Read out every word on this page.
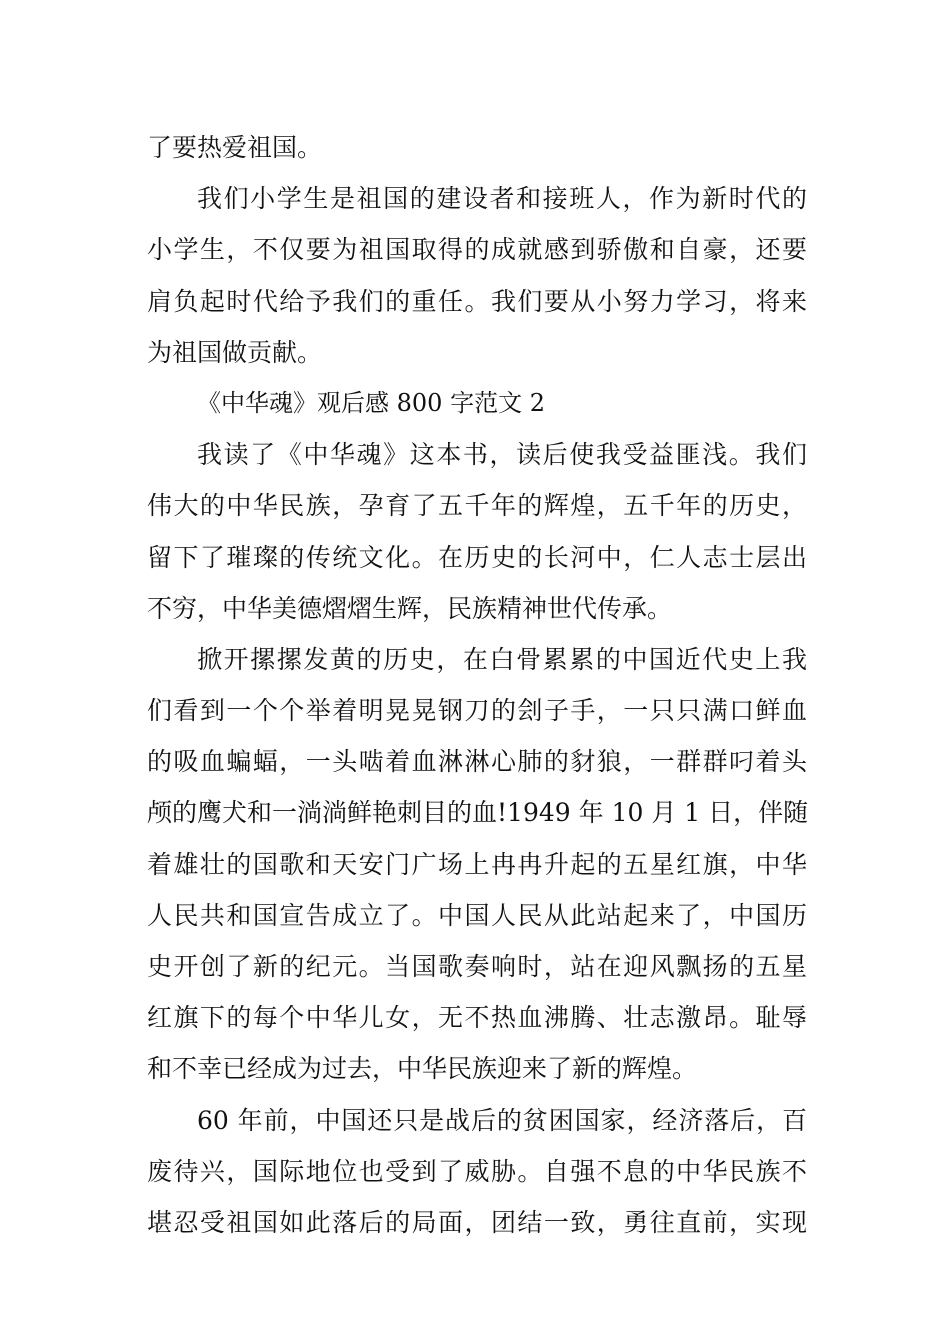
了要热爱祖国。
我们小学生是祖国的建设者和接班人，作为新时代的
小学生，不仅要为祖国取得的成就感到骄傲和自豪，还要
肩负起时代给予我们的重任。我们要从小努力学习，将来
为祖国做贡献。
《中华魂》观后感 800 字范文 2
我读了《中华魂》这本书，读后使我受益匪浅。我们
伟大的中华民族，孕育了五千年的辉煌，五千年的历史，
留下了璀璨的传统文化。在历史的长河中，仁人志士层出
不穷，中华美德熠熠生辉，民族精神世代传承。
掀开摞摞发黄的历史，在白骨累累的中国近代史上我
们看到一个个举着明晃晃钢刀的刽子手，一只只满口鲜血
的吸血蝙蝠，一头啮着血淋淋心肺的豺狼，一群群叼着头
颅的鹰犬和一淌淌鲜艳刺目的血!1949 年 10 月 1 日，伴随
着雄壮的国歌和天安门广场上冉冉升起的五星红旗，中华
人民共和国宣告成立了。中国人民从此站起来了，中国历
史开创了新的纪元。当国歌奏响时，站在迎风飘扬的五星
红旗下的每个中华儿女，无不热血沸腾、壮志激昂。耻辱
和不幸已经成为过去，中华民族迎来了新的辉煌。
60 年前，中国还只是战后的贫困国家，经济落后，百
废待兴，国际地位也受到了威胁。自强不息的中华民族不
堪忍受祖国如此落后的局面，团结一致，勇往直前，实现
